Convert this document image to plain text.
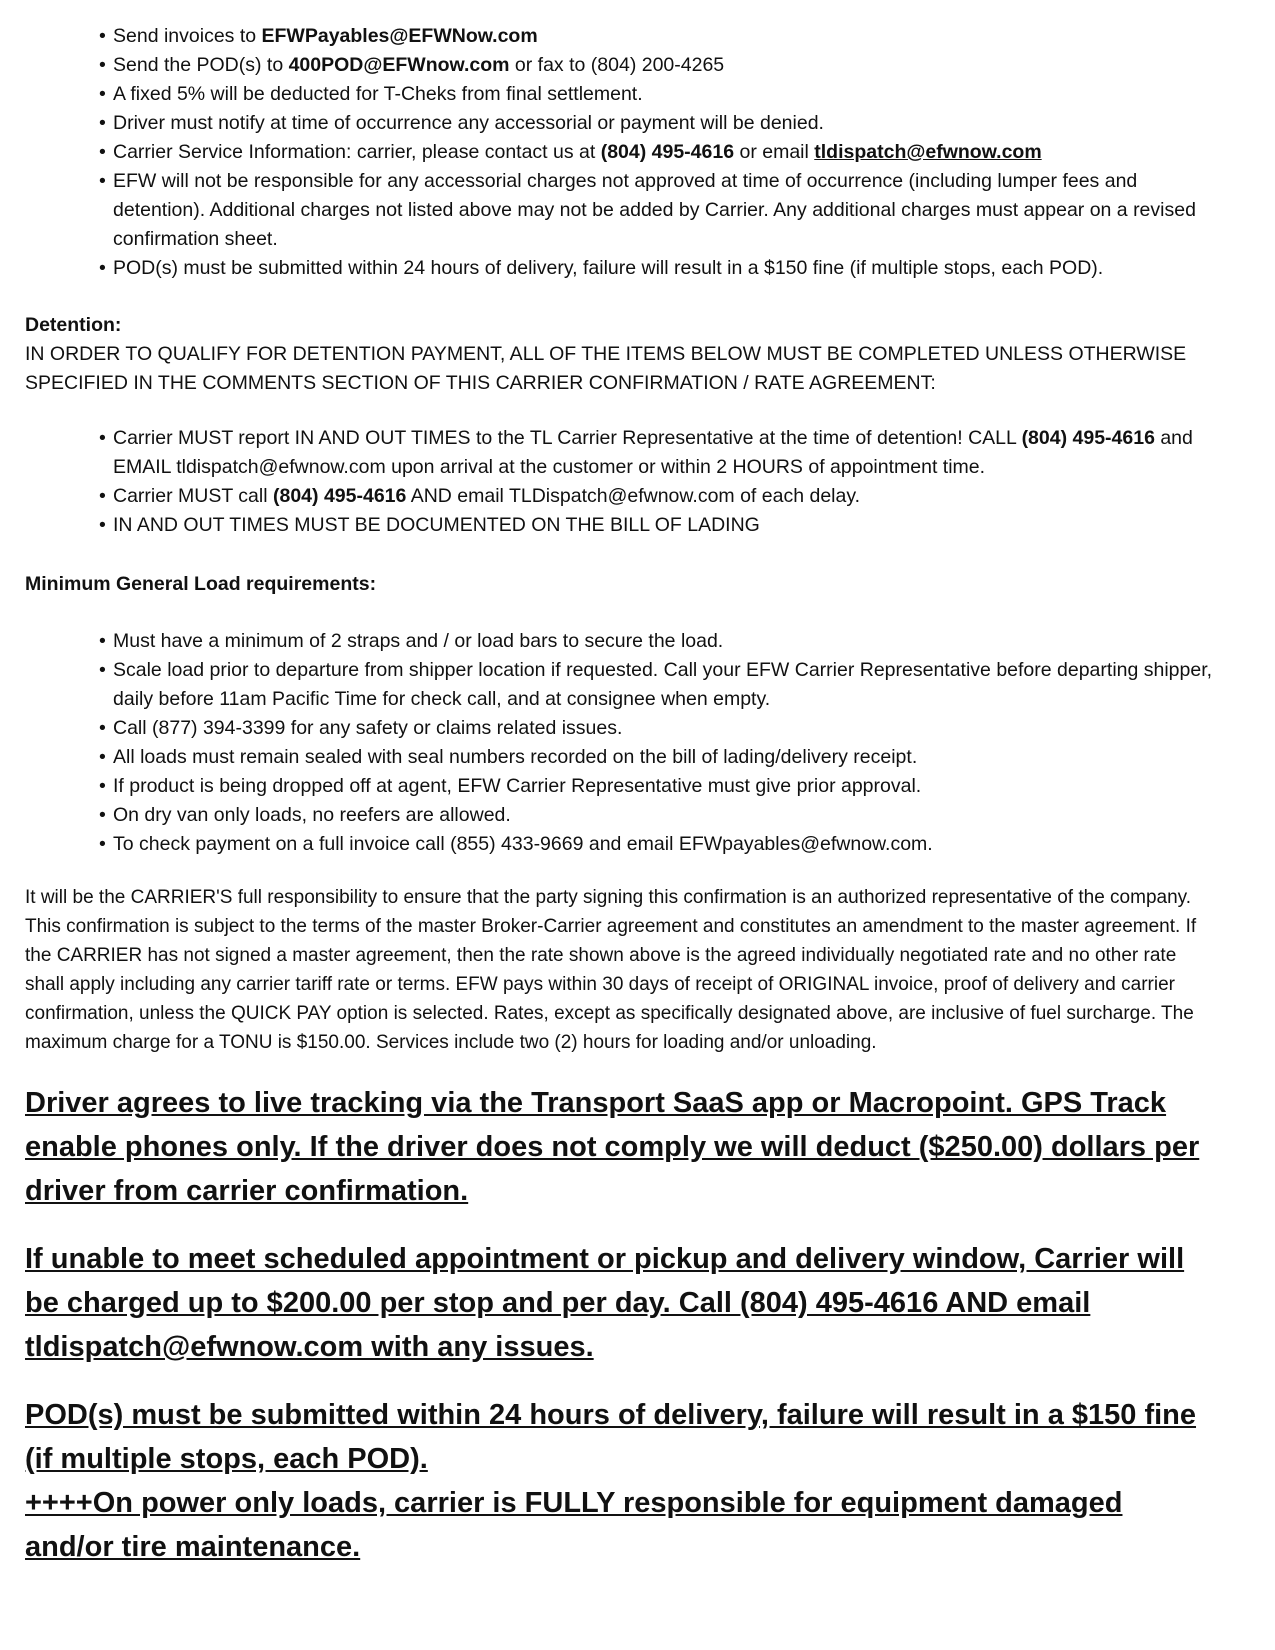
• Send invoices to EFWPayables@EFWNow.com
• Send the POD(s) to 400POD@EFWnow.com or fax to (804) 200-4265
• A fixed 5% will be deducted for T-Cheks from final settlement.
• Driver must notify at time of occurrence any accessorial or payment will be denied.
• Carrier Service Information: carrier, please contact us at (804) 495-4616 or email tldispatch@efwnow.com
• EFW will not be responsible for any accessorial charges not approved at time of occurrence (including lumper fees and detention). Additional charges not listed above may not be added by Carrier. Any additional charges must appear on a revised confirmation sheet.
• POD(s) must be submitted within 24 hours of delivery, failure will result in a $150 fine (if multiple stops, each POD).
Detention:
IN ORDER TO QUALIFY FOR DETENTION PAYMENT, ALL OF THE ITEMS BELOW MUST BE COMPLETED UNLESS OTHERWISE SPECIFIED IN THE COMMENTS SECTION OF THIS CARRIER CONFIRMATION / RATE AGREEMENT:
• Carrier MUST report IN AND OUT TIMES to the TL Carrier Representative at the time of detention! CALL (804) 495-4616 and EMAIL tldispatch@efwnow.com upon arrival at the customer or within 2 HOURS of appointment time.
• Carrier MUST call (804) 495-4616 AND email TLDispatch@efwnow.com of each delay.
• IN AND OUT TIMES MUST BE DOCUMENTED ON THE BILL OF LADING
Minimum General Load requirements:
• Must have a minimum of 2 straps and / or load bars to secure the load.
• Scale load prior to departure from shipper location if requested. Call your EFW Carrier Representative before departing shipper, daily before 11am Pacific Time for check call, and at consignee when empty.
• Call (877) 394-3399 for any safety or claims related issues.
• All loads must remain sealed with seal numbers recorded on the bill of lading/delivery receipt.
• If product is being dropped off at agent, EFW Carrier Representative must give prior approval.
• On dry van only loads, no reefers are allowed.
• To check payment on a full invoice call (855) 433-9669 and email EFWpayables@efwnow.com.
It will be the CARRIER'S full responsibility to ensure that the party signing this confirmation is an authorized representative of the company. This confirmation is subject to the terms of the master Broker-Carrier agreement and constitutes an amendment to the master agreement. If the CARRIER has not signed a master agreement, then the rate shown above is the agreed individually negotiated rate and no other rate shall apply including any carrier tariff rate or terms. EFW pays within 30 days of receipt of ORIGINAL invoice, proof of delivery and carrier confirmation, unless the QUICK PAY option is selected. Rates, except as specifically designated above, are inclusive of fuel surcharge. The maximum charge for a TONU is $150.00. Services include two (2) hours for loading and/or unloading.
Driver agrees to live tracking via the Transport SaaS app or Macropoint. GPS Track enable phones only. If the driver does not comply we will deduct ($250.00) dollars per driver from carrier confirmation.
If unable to meet scheduled appointment or pickup and delivery window, Carrier will be charged up to $200.00 per stop and per day. Call (804) 495-4616 AND email tldispatch@efwnow.com with any issues.
POD(s) must be submitted within 24 hours of delivery, failure will result in a $150 fine (if multiple stops, each POD).
++++On power only loads, carrier is FULLY responsible for equipment damaged and/or tire maintenance.
